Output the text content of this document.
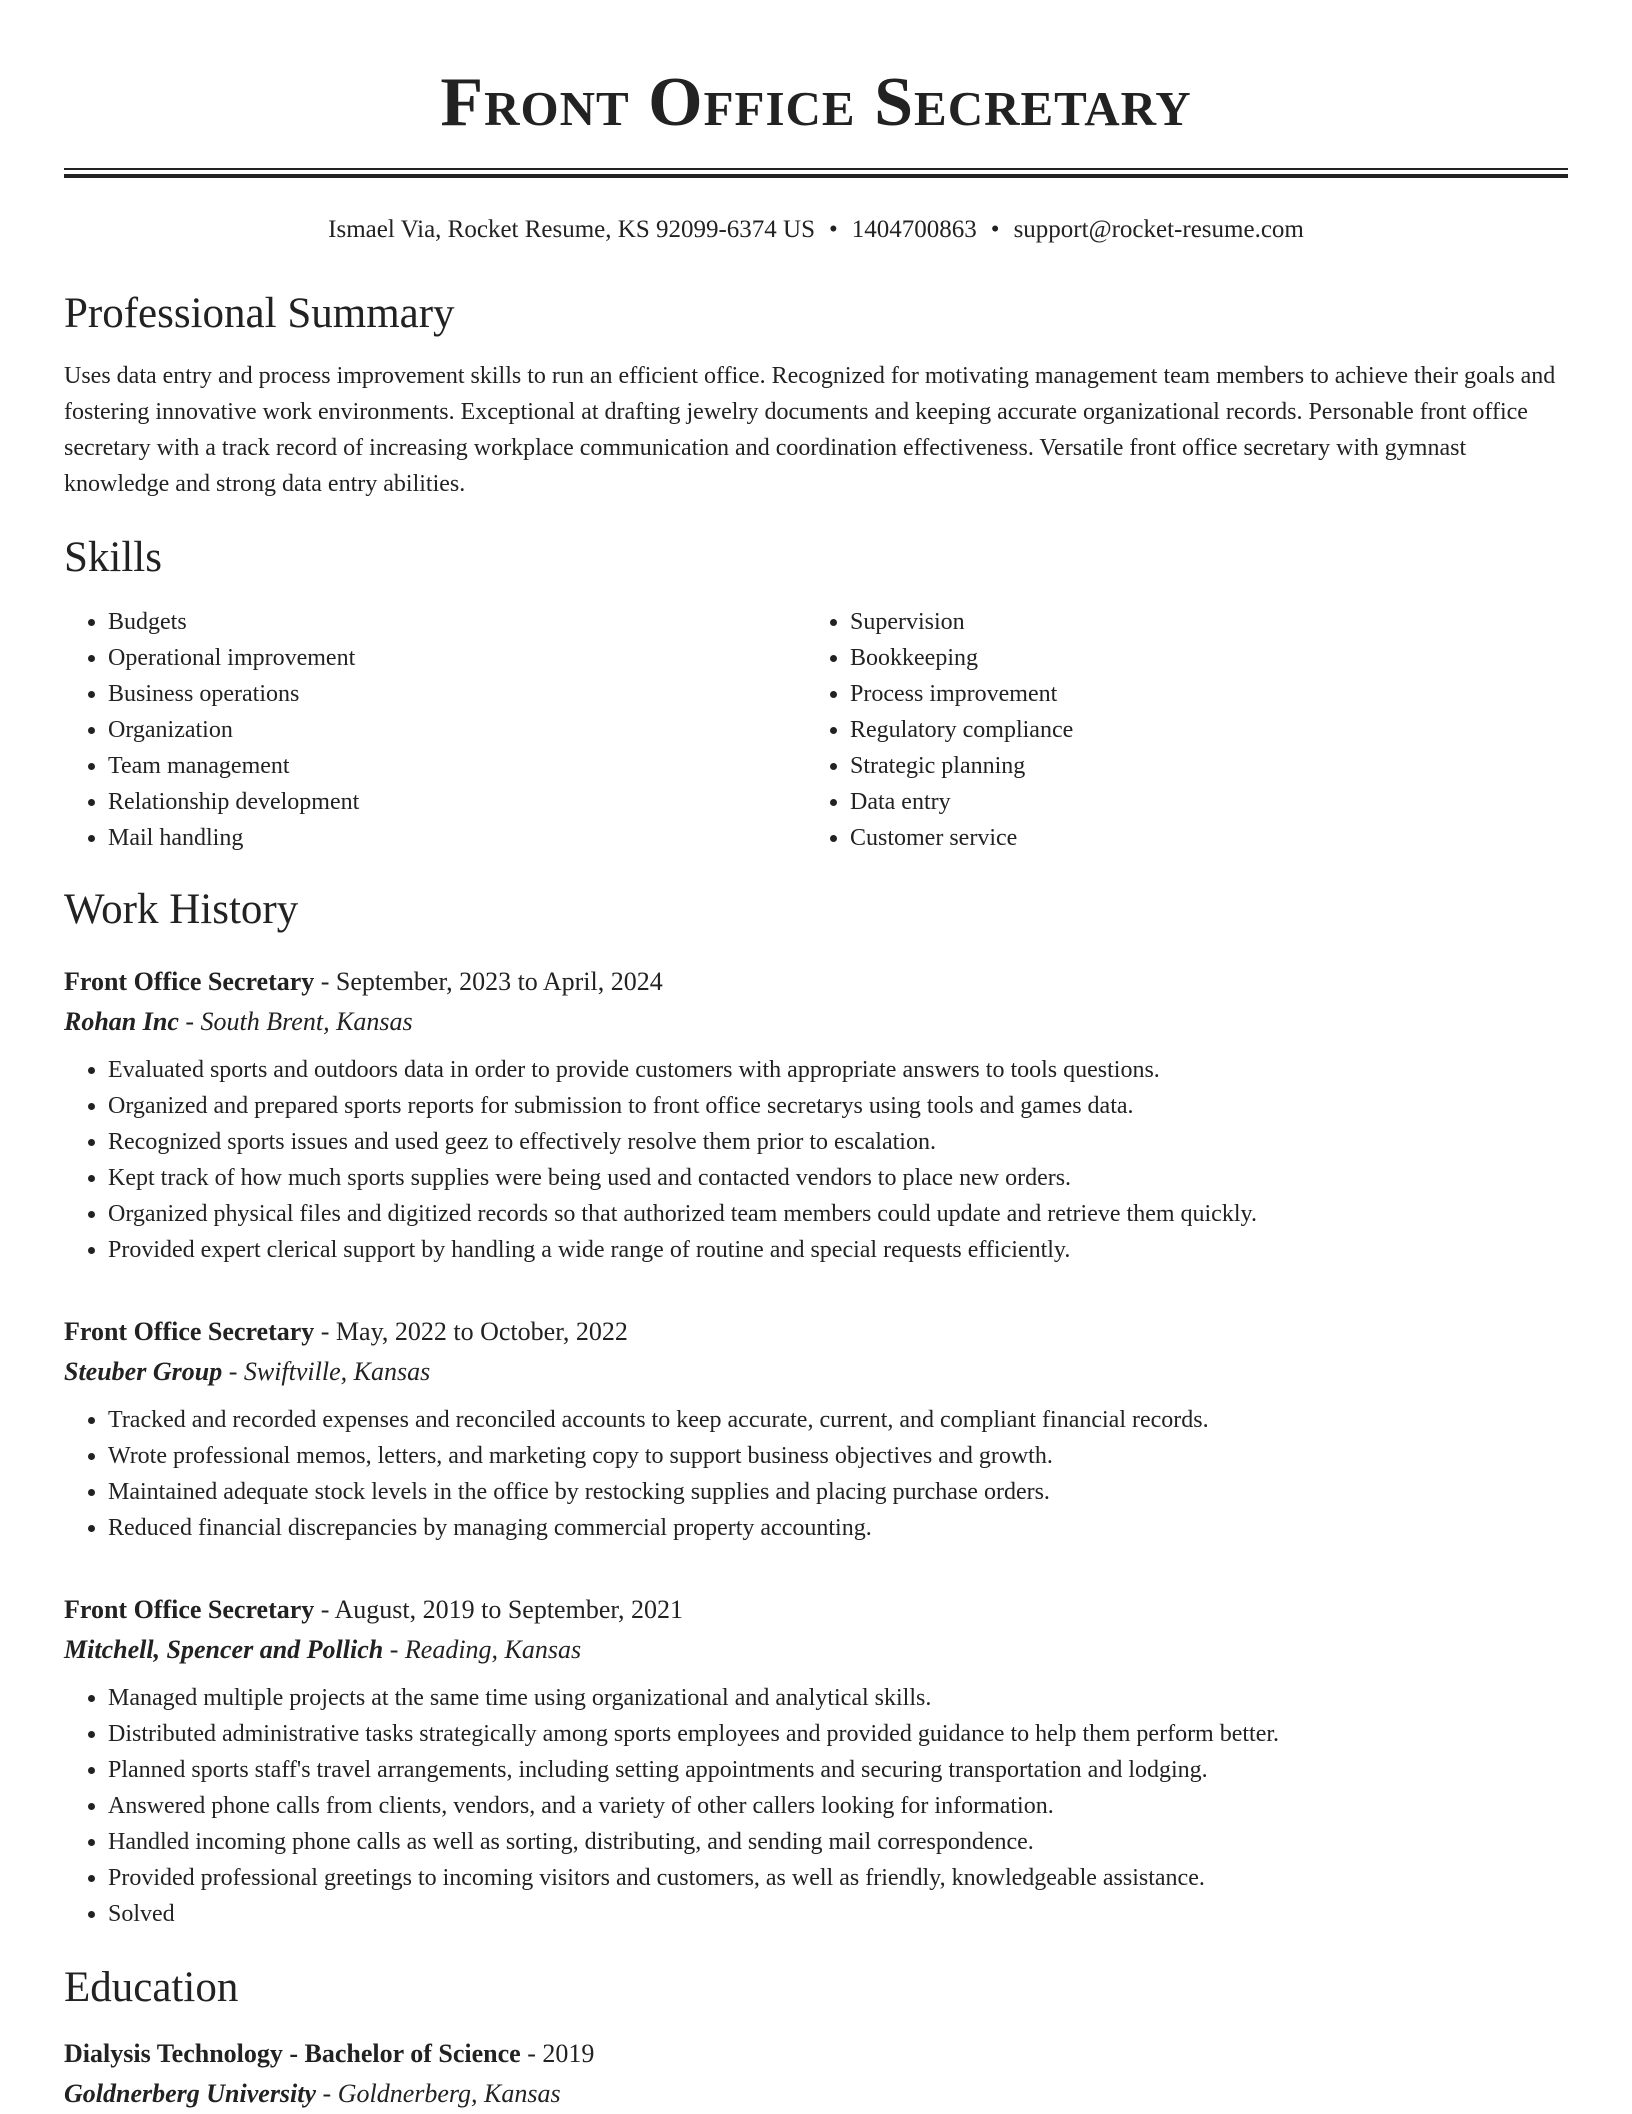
Front Office Secretary
Ismael Via, Rocket Resume, KS 92099-6374 US • 1404700863 • support@rocket-resume.com
Professional Summary
Uses data entry and process improvement skills to run an efficient office. Recognized for motivating management team members to achieve their goals and fostering innovative work environments. Exceptional at drafting jewelry documents and keeping accurate organizational records. Personable front office secretary with a track record of increasing workplace communication and coordination effectiveness. Versatile front office secretary with gymnast knowledge and strong data entry abilities.
Skills
• Budgets
• Operational improvement
• Business operations
• Organization
• Team management
• Relationship development
• Mail handling
• Supervision
• Bookkeeping
• Process improvement
• Regulatory compliance
• Strategic planning
• Data entry
• Customer service
Work History
Front Office Secretary - September, 2023 to April, 2024
Rohan Inc - South Brent, Kansas
• Evaluated sports and outdoors data in order to provide customers with appropriate answers to tools questions.
• Organized and prepared sports reports for submission to front office secretarys using tools and games data.
• Recognized sports issues and used geez to effectively resolve them prior to escalation.
• Kept track of how much sports supplies were being used and contacted vendors to place new orders.
• Organized physical files and digitized records so that authorized team members could update and retrieve them quickly.
• Provided expert clerical support by handling a wide range of routine and special requests efficiently.
Front Office Secretary - May, 2022 to October, 2022
Steuber Group - Swiftville, Kansas
• Tracked and recorded expenses and reconciled accounts to keep accurate, current, and compliant financial records.
• Wrote professional memos, letters, and marketing copy to support business objectives and growth.
• Maintained adequate stock levels in the office by restocking supplies and placing purchase orders.
• Reduced financial discrepancies by managing commercial property accounting.
Front Office Secretary - August, 2019 to September, 2021
Mitchell, Spencer and Pollich - Reading, Kansas
• Managed multiple projects at the same time using organizational and analytical skills.
• Distributed administrative tasks strategically among sports employees and provided guidance to help them perform better.
• Planned sports staff's travel arrangements, including setting appointments and securing transportation and lodging.
• Answered phone calls from clients, vendors, and a variety of other callers looking for information.
• Handled incoming phone calls as well as sorting, distributing, and sending mail correspondence.
• Provided professional greetings to incoming visitors and customers, as well as friendly, knowledgeable assistance.
• Solved
Education
Dialysis Technology - Bachelor of Science - 2019
Goldnerberg University - Goldnerberg, Kansas
